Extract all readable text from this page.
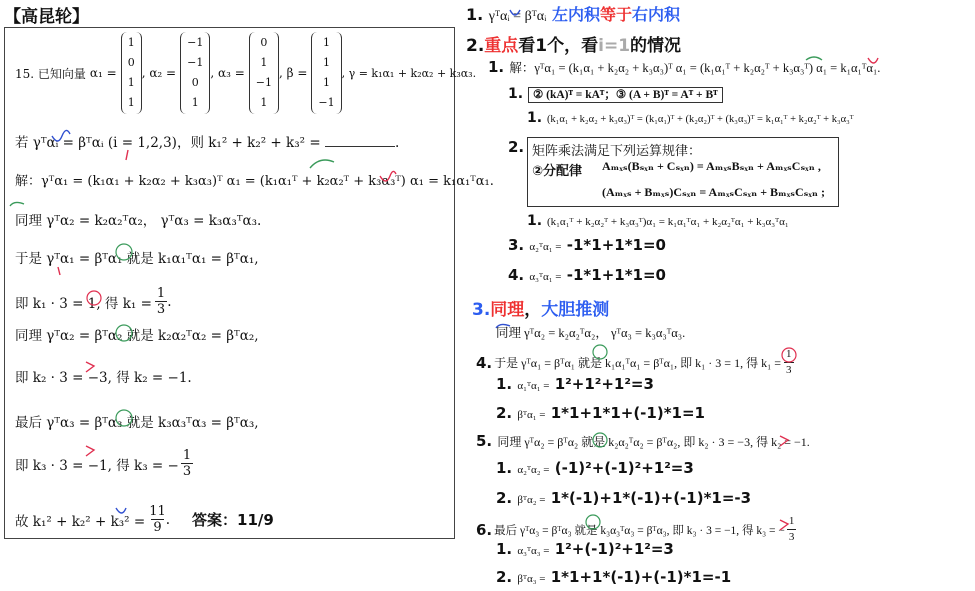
【高昆轮】
15. 已知向量 α₁ =
1
0
1
1
, α₂ =
−1
−1
0
1
, α₃ =
0
1
−1
1
, β =
1
1
1
−1
, γ = k₁α₁ + k₂α₂ + k₃α₃.
若 γᵀαᵢ = βᵀαᵢ (i = 1,2,3)，则 k₁² + k₂² + k₃² =	.
解：γᵀα₁ = (k₁α₁ + k₂α₂ + k₃α₃)ᵀ α₁ = (k₁α₁ᵀ + k₂α₂ᵀ + k₃α₃ᵀ) α₁ = k₁α₁ᵀα₁.
同理 γᵀα₂ = k₂α₂ᵀα₂， γᵀα₃ = k₃α₃ᵀα₃.
于是 γᵀα₁ = βᵀα₁ 就是 k₁α₁ᵀα₁ = βᵀα₁,
即 k₁ · 3 = 1, 得 $k_1 = \frac{1}{3}$ .
同理 γᵀα₂ = βᵀα₂ 就是 k₂α₂ᵀα₂ = βᵀα₂,
即 k₂ · 3 = −3, 得 k₂ = −1.
最后 γᵀα₃ = βᵀα₃ 就是 k₃α₃ᵀα₃ = βᵀα₃,
即 k₃ · 3 = −1, 得 k₃ = − $\frac{1}{3}$
故 $k_1^2 + k_2^2 + k_3^2 = \frac{11}{9}$ . 答案：11/9
1. γᵀαᵢ = βᵀαᵢ 左内积等于右内积
2.重点看1个，看i=1的情况
1. 解：γᵀα₁ = (k₁α₁ + k₂α₂ + k₃α₃)ᵀ α₁ = (k₁α₁ᵀ + k₂α₂ᵀ + k₃α₃ᵀ) α₁ = k₁α₁ᵀα₁.
1. ② (kA)ᵀ = kAᵀ；③ (A + B)ᵀ = Aᵀ + Bᵀ
1. (k₁α₁ + k₂α₂ + k₃α₃)ᵀ = (k₁α₁)ᵀ + (k₂α₂)ᵀ + (k₃α₃)ᵀ = k₁α₁ᵀ + k₂α₂ᵀ + k₃α₃ᵀ
2. 矩阵乘法满足下列运算规律：
②分配律 Aₘₓₛ(Bₛₓₙ + Cₛₓₙ) = AₘₓₛBₛₓₙ + AₘₓₛCₛₓₙ ,
(Aₘₓₛ + Bₘₓₛ)Cₛₓₙ = AₘₓₛCₛₓₙ + BₘₓₛCₛₓₙ ;
1. (k₁α₁ᵀ + k₂α₂ᵀ + k₃α₃ᵀ)α₁ = k₁α₁ᵀα₁ + k₂α₂ᵀα₁ + k₃α₃ᵀα₁
3. α₂ᵀα₁ = -1*1+1*1=0
4. α₃ᵀα₁ = -1*1+1*1=0
3.同理，大胆推测
同理 γᵀα₂ = k₂α₂ᵀα₂， γᵀα₃ = k₃α₃ᵀα₃.
4. 于是 γᵀα₁ = βᵀα₁ 就是 k₁α₁ᵀα₁ = βᵀα₁, 即 k₁ · 3 = 1, 得 $k_1 = \frac{1}{3}$
1. α₁ᵀα₁ = 1²+1²+1²=3
2. βᵀα₁ = 1*1+1*1+(-1)*1=1
5. 同理 γᵀα₂ = βᵀα₂ 就是 k₂α₂ᵀα₂ = βᵀα₂, 即 k₂ · 3 = −3, 得 k₂ = −1.
1. α₂ᵀα₂ = (-1)²+(-1)²+1²=3
2. βᵀα₂ = 1*(-1)+1*(-1)+(-1)*1=-3
6. 最后 γᵀα₃ = βᵀα₃ 就是 k₃α₃ᵀα₃ = βᵀα₃, 即 k₃ · 3 = −1, 得 k₃ = − $\frac{1}{3}$
1. α₃ᵀα₃ = 1²+(-1)²+1²=3
2. βᵀα₃ = 1*1+1*(-1)+(-1)*1=-1
